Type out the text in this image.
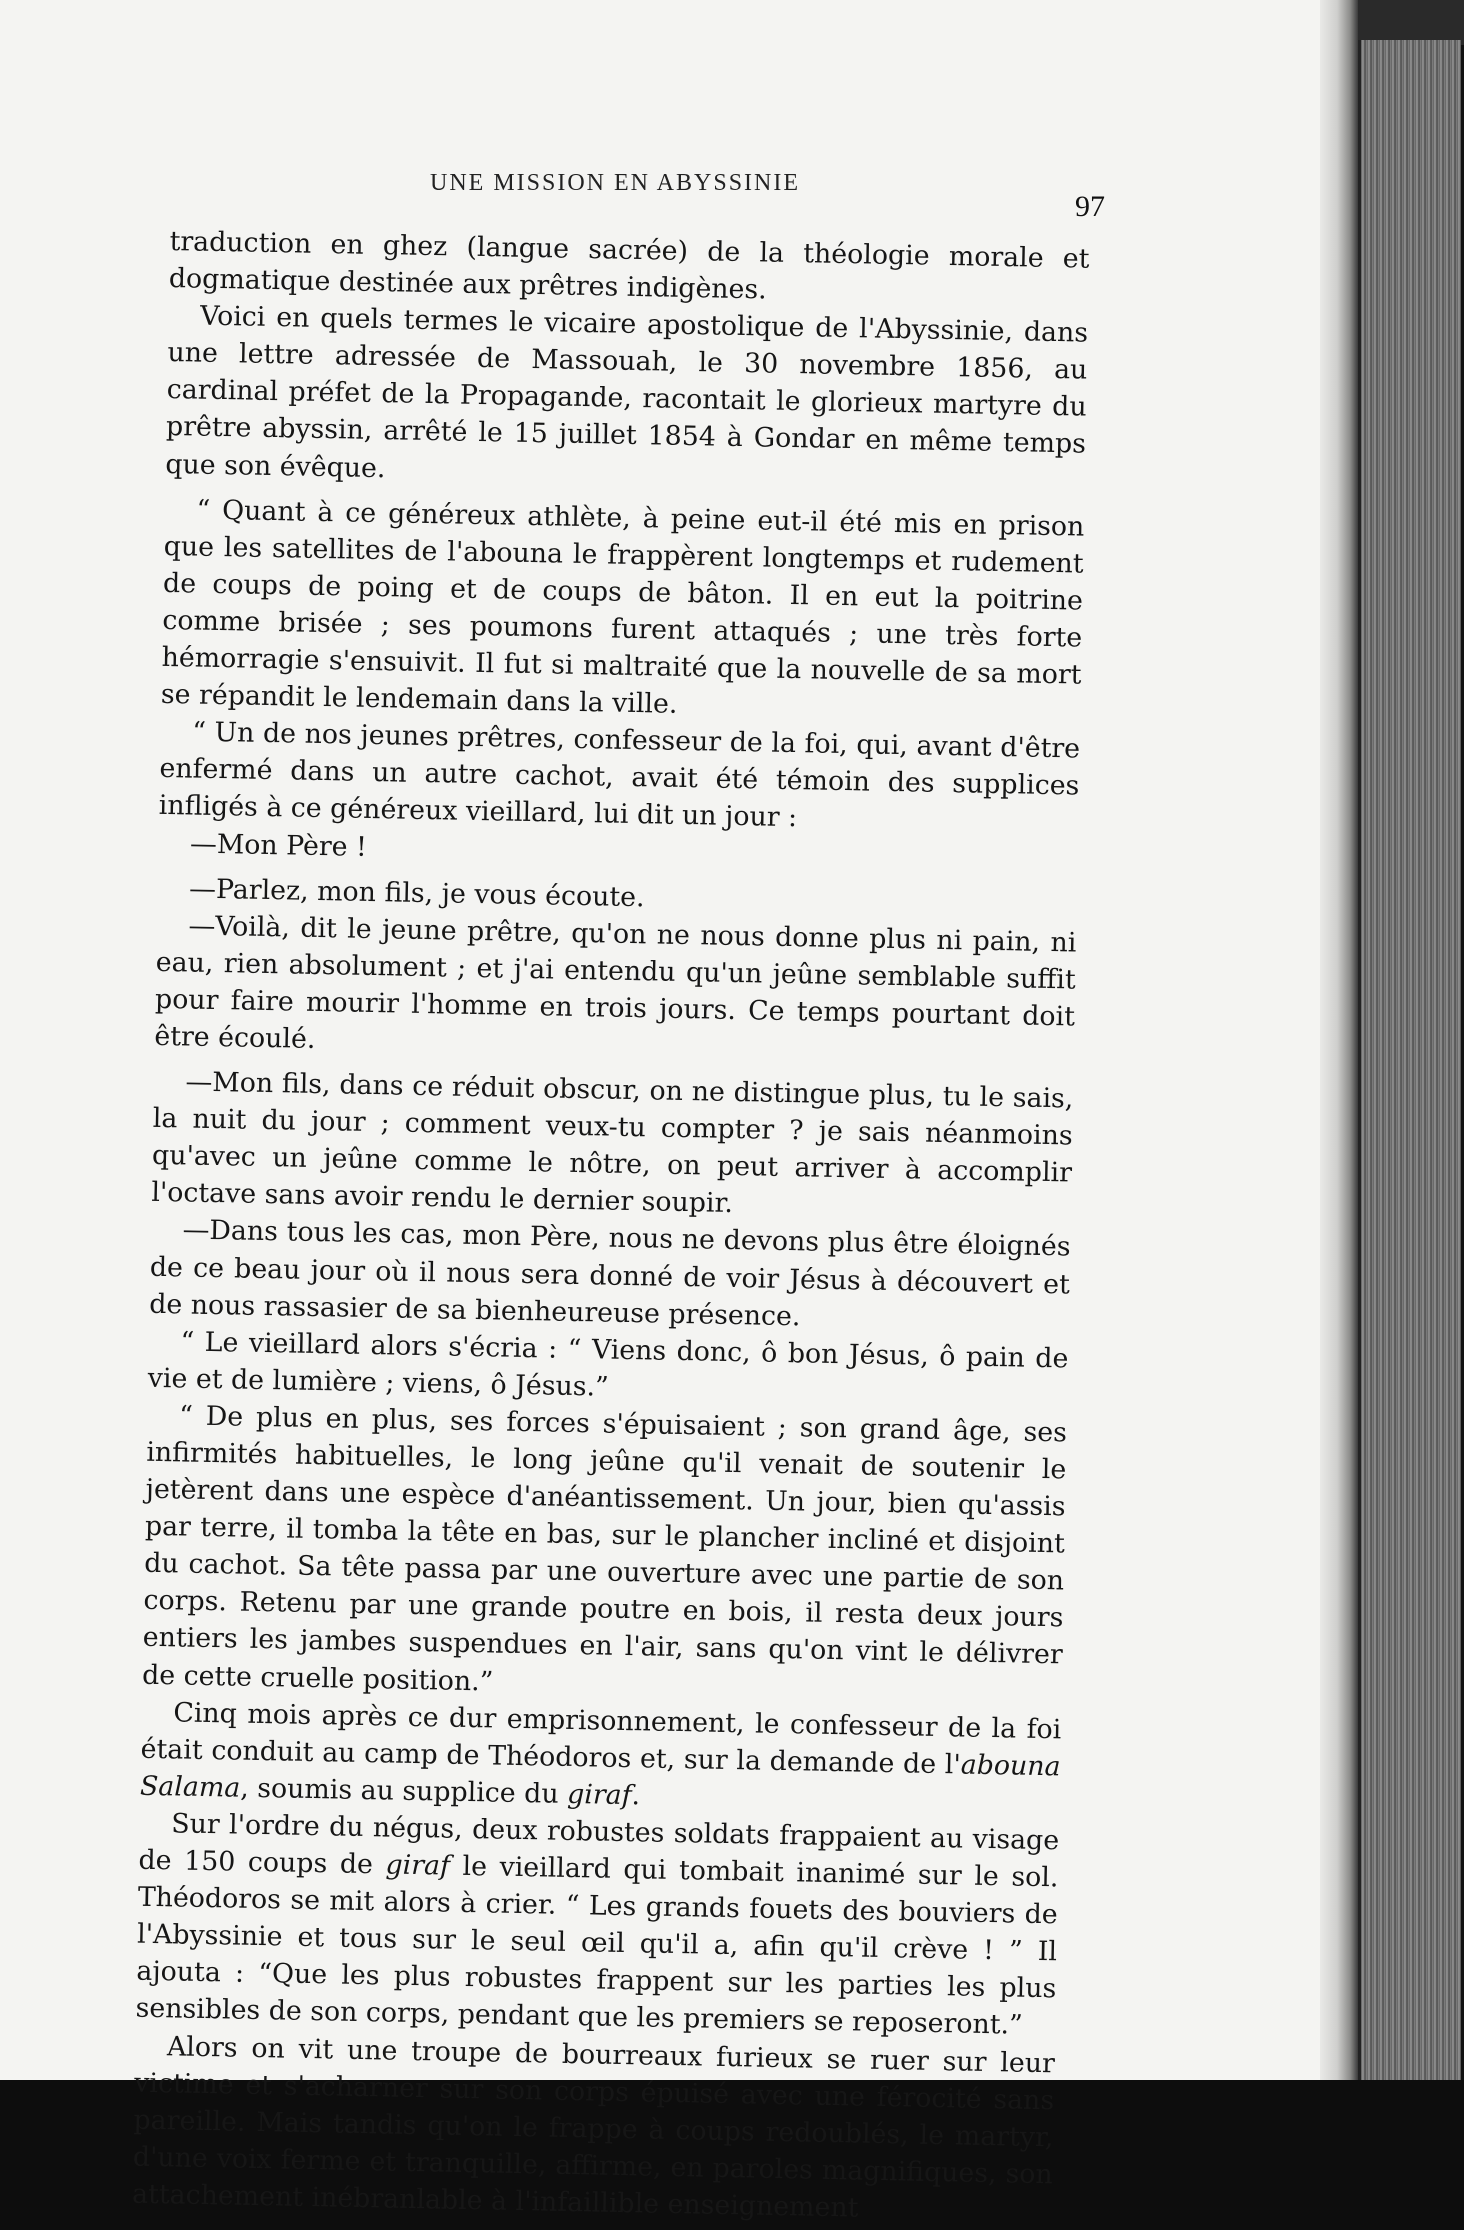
UNE MISSION EN ABYSSINIE
97

traduction en ghez (langue sacrée) de la théologie morale et dogmatique destinée aux prêtres indigènes.

Voici en quels termes le vicaire apostolique de l'Abyssinie, dans une lettre adressée de Massouah, le 30 novembre 1856, au cardinal préfet de la Propagande, racontait le glorieux martyre du prêtre abyssin, arrêté le 15 juillet 1854 à Gondar en même temps que son évêque.

“ Quant à ce généreux athlète, à peine eut-il été mis en prison que les satellites de l'abouna le frappèrent longtemps et rudement de coups de poing et de coups de bâton. Il en eut la poitrine comme brisée ; ses poumons furent attaqués ; une très forte hémorragie s'ensuivit. Il fut si maltraité que la nouvelle de sa mort se répandit le lendemain dans la ville.

“ Un de nos jeunes prêtres, confesseur de la foi, qui, avant d'être enfermé dans un autre cachot, avait été témoin des supplices infligés à ce généreux vieillard, lui dit un jour :

—Mon Père !

—Parlez, mon fils, je vous écoute.

—Voilà, dit le jeune prêtre, qu'on ne nous donne plus ni pain, ni eau, rien absolument ; et j'ai entendu qu'un jeûne semblable suffit pour faire mourir l'homme en trois jours. Ce temps pourtant doit être écoulé.

—Mon fils, dans ce réduit obscur, on ne distingue plus, tu le sais, la nuit du jour ; comment veux-tu compter ? je sais néanmoins qu'avec un jeûne comme le nôtre, on peut arriver à accomplir l'octave sans avoir rendu le dernier soupir.

—Dans tous les cas, mon Père, nous ne devons plus être éloignés de ce beau jour où il nous sera donné de voir Jésus à découvert et de nous rassasier de sa bienheureuse présence.

“ Le vieillard alors s'écria : “ Viens donc, ô bon Jésus, ô pain de vie et de lumière ; viens, ô Jésus.”

“ De plus en plus, ses forces s'épuisaient ; son grand âge, ses infirmités habituelles, le long jeûne qu'il venait de soutenir le jetèrent dans une espèce d'anéantissement. Un jour, bien qu'assis par terre, il tomba la tête en bas, sur le plancher incliné et disjoint du cachot. Sa tête passa par une ouverture avec une partie de son corps. Retenu par une grande poutre en bois, il resta deux jours entiers les jambes suspendues en l'air, sans qu'on vint le délivrer de cette cruelle position.”

Cinq mois après ce dur emprisonnement, le confesseur de la foi était conduit au camp de Théodoros et, sur la demande de l'abouna Salama, soumis au supplice du giraf.

Sur l'ordre du négus, deux robustes soldats frappaient au visage de 150 coups de giraf le vieillard qui tombait inanimé sur le sol. Théodoros se mit alors à crier. “ Les grands fouets des bouviers de l'Abyssinie et tous sur le seul œil qu'il a, afin qu'il crève ! ” Il ajouta : “Que les plus robustes frappent sur les parties les plus sensibles de son corps, pendant que les premiers se reposeront.”

Alors on vit une troupe de bourreaux furieux se ruer sur leur victime et s'acharner sur son corps épuisé avec une férocité sans pareille. Mais tandis qu'on le frappe à coups redoublés, le martyr, d'une voix ferme et tranquille, affirme, en paroles magnifiques, son attachement inébranlable à l'infaillible enseignement
